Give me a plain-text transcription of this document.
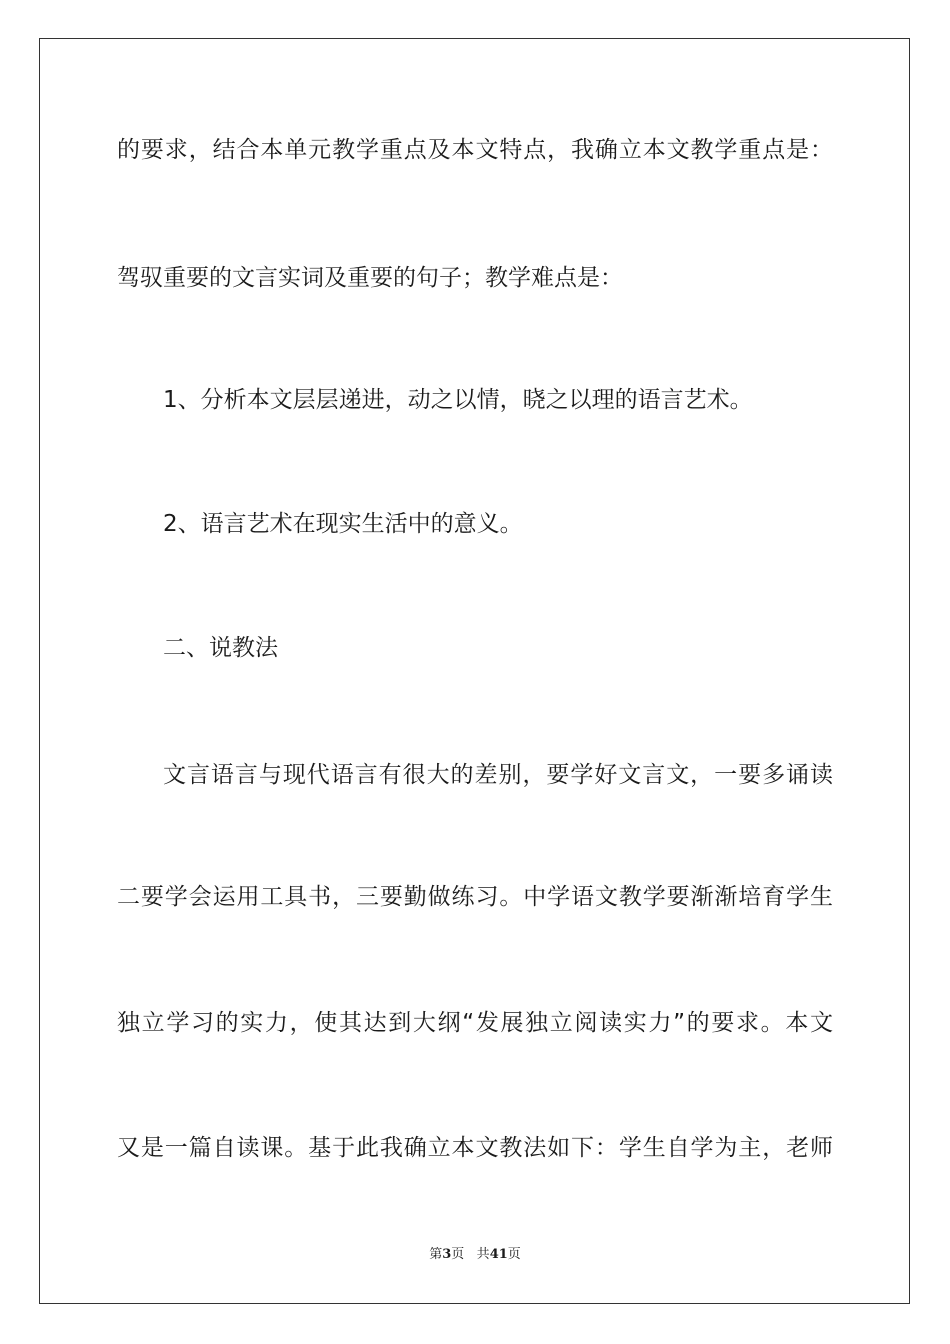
的要求，结合本单元教学重点及本文特点，我确立本文教学重点是：
驾驭重要的文言实词及重要的句子；教学难点是：
1、分析本文层层递进，动之以情，晓之以理的语言艺术。
2、语言艺术在现实生活中的意义。
二、说教法
文言语言与现代语言有很大的差别，要学好文言文，一要多诵读
二要学会运用工具书，三要勤做练习。中学语文教学要渐渐培育学生
独立学习的实力，使其达到大纲“发展独立阅读实力”的要求。本文
又是一篇自读课。基于此我确立本文教法如下：学生自学为主，老师
第3页 共41页
